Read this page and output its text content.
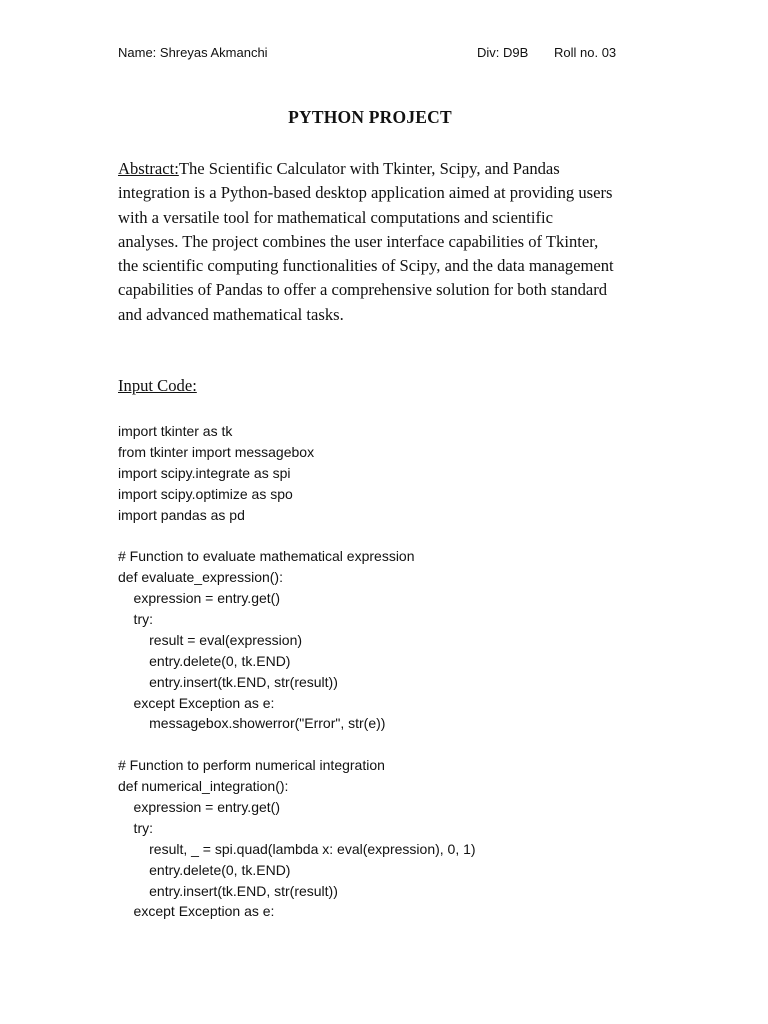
Name: Shreyas Akmanchi	Div: D9B Roll no. 03
PYTHON PROJECT
Abstract:The Scientific Calculator with Tkinter, Scipy, and Pandas
integration is a Python-based desktop application aimed at providing users
with a versatile tool for mathematical computations and scientific
analyses. The project combines the user interface capabilities of Tkinter,
the scientific computing functionalities of Scipy, and the data management
capabilities of Pandas to offer a comprehensive solution for both standard
and advanced mathematical tasks.
Input Code:
import tkinter as tk
from tkinter import messagebox
import scipy.integrate as spi
import scipy.optimize as spo
import pandas as pd
# Function to evaluate mathematical expression
def evaluate_expression():
expression = entry.get()
try:
result = eval(expression)
entry.delete(0, tk.END)
entry.insert(tk.END, str(result))
except Exception as e:
messagebox.showerror("Error", str(e))
# Function to perform numerical integration
def numerical_integration():
expression = entry.get()
try:
result, _ = spi.quad(lambda x: eval(expression), 0, 1)
entry.delete(0, tk.END)
entry.insert(tk.END, str(result))
except Exception as e:
